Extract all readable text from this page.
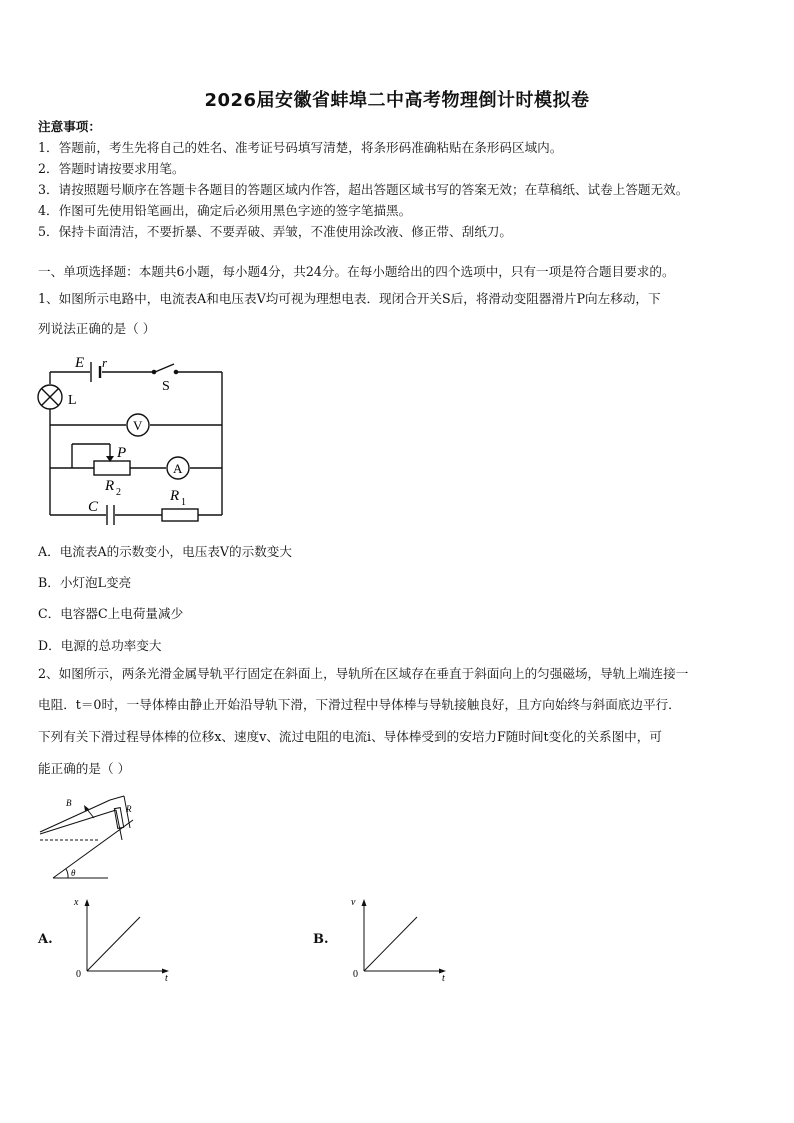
2026届安徽省蚌埠二中高考物理倒计时模拟卷
注意事项：
1．答题前，考生先将自己的姓名、准考证号码填写清楚，将条形码准确粘贴在条形码区域内。
2．答题时请按要求用笔。
3．请按照题号顺序在答题卡各题目的答题区域内作答，超出答题区域书写的答案无效；在草稿纸、试卷上答题无效。
4．作图可先使用铅笔画出，确定后必须用黑色字迹的签字笔描黑。
5．保持卡面清洁，不要折暴、不要弄破、弄皱，不准使用涂改液、修正带、刮纸刀。
一、单项选择题：本题共6小题，每小题4分，共24分。在每小题给出的四个选项中，只有一项是符合题目要求的。
1、如图所示电路中，电流表A和电压表V均可视为理想电表．现闭合开关S后，将滑动变阻器滑片P向左移动，下
列说法正确的是（ ）
E r
S
L
V
A
P
R 2	R 1
C
A．电流表A的示数变小，电压表V的示数变大
B．小灯泡L变亮
C．电容器C上电荷量减少
D．电源的总功率变大
2、如图所示，两条光滑金属导轨平行固定在斜面上，导轨所在区域存在垂直于斜面向上的匀强磁场，导轨上端连接一
电阻．t＝0时，一导体棒由静止开始沿导轨下滑，下滑过程中导体棒与导轨接触良好，且方向始终与斜面底边平行．
下列有关下滑过程导体棒的位移x、速度v、流过电阻的电流i、导体棒受到的安培力F随时间t变化的关系图中，可
能正确的是（ ）
B
R
θ
A.
x
t
0
B.
v
t
0
